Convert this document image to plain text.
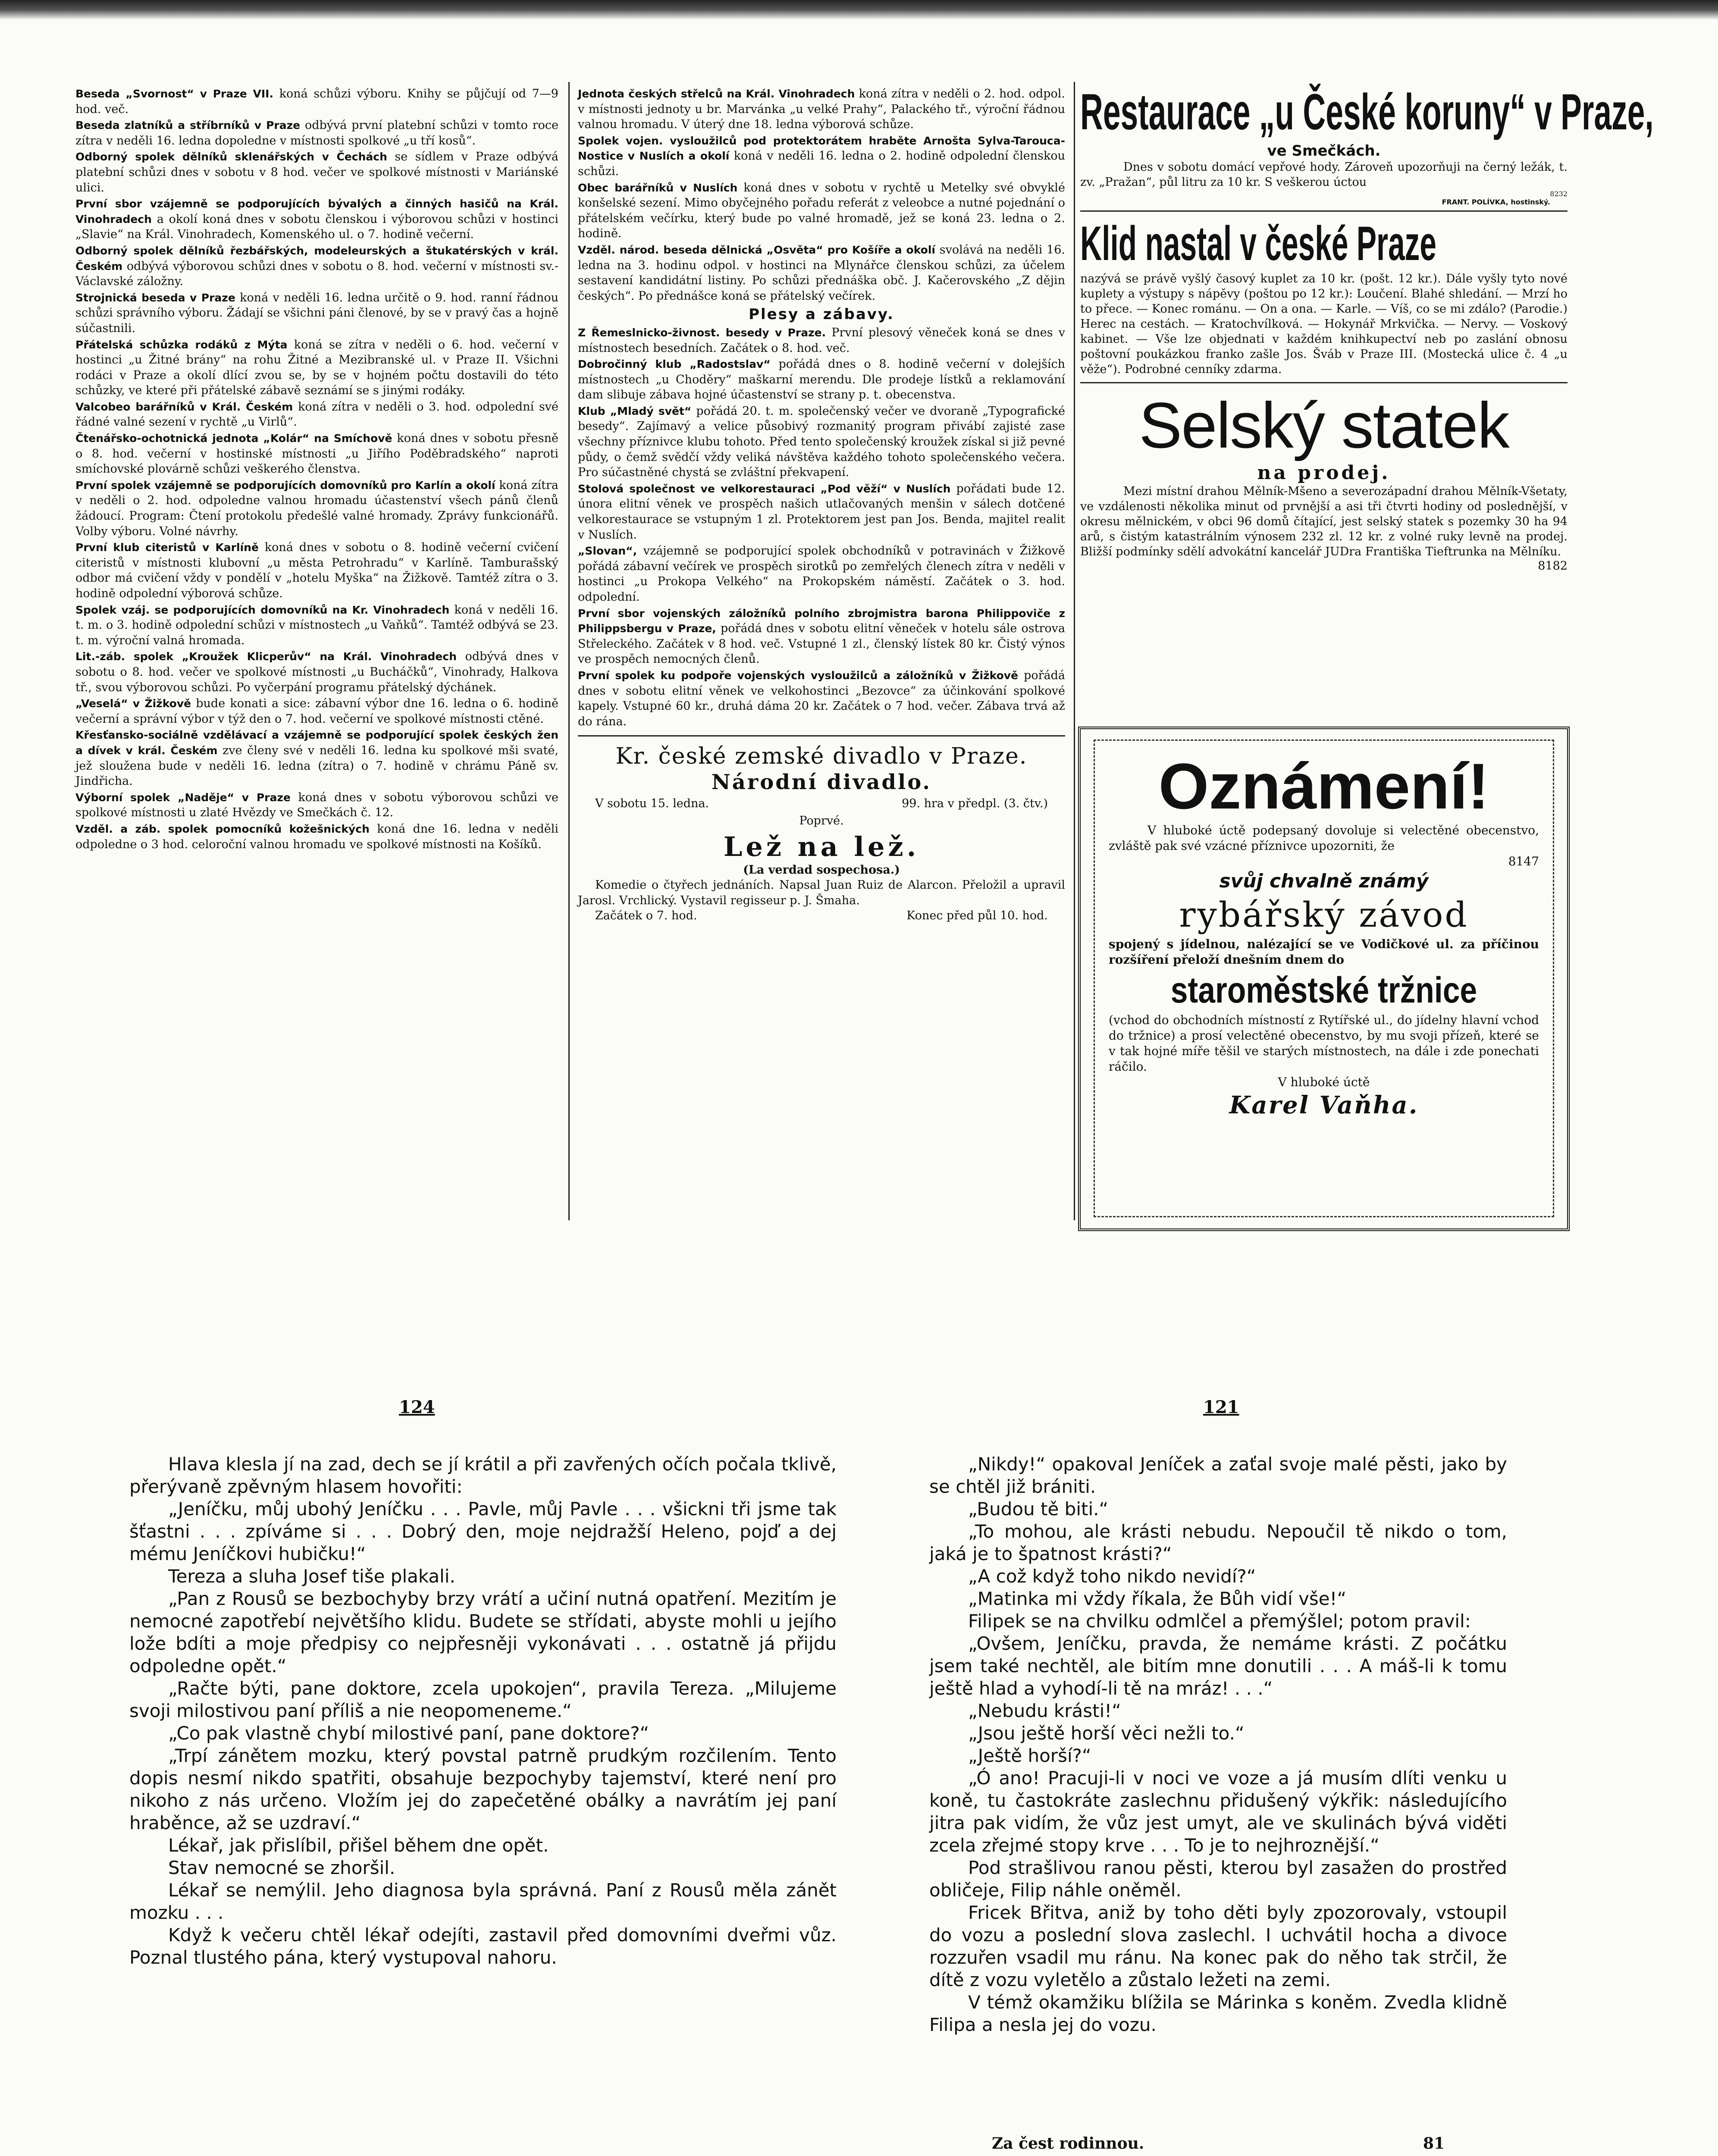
Beseda „Svornost“ v Praze VII. koná schůzi výboru. Knihy se půjčují od 7—9 hod. več.

Beseda zlatníků a stříbrníků v Praze odbývá první platební schůzi v tomto roce zítra v neděli 16. ledna dopoledne v místnosti spolkové „u tří kosů“.

Odborný spolek dělníků sklenářských v Čechách se sídlem v Praze odbývá platební schůzi dnes v sobotu v 8 hod. večer ve spolkové místnosti v Mariánské ulici.

První sbor vzájemně se podporujících bývalých a činných hasičů na Král. Vinohradech a okolí koná dnes v sobotu členskou i výborovou schůzi v hostinci „Slavie“ na Král. Vinohradech, Komenského ul. o 7. hodině večerní.

Odborný spolek dělníků řezbářských, modeleurských a štukatérských v král. Českém odbývá výborovou schůzi dnes v sobotu o 8. hod. večerní v místnosti sv.-Václavské záložny.

Strojnická beseda v Praze koná v neděli 16. ledna určitě o 9. hod. ranní řádnou schůzi správního výboru. Žádají se všichni páni členové, by se v pravý čas a hojně súčastnili.

Přátelská schůzka rodáků z Mýta koná se zítra v neděli o 6. hod. večerní v hostinci „u Žitné brány“ na rohu Žitné a Mezibranské ul. v Praze II. Všichni rodáci v Praze a okolí dlící zvou se, by se v hojném počtu dostavili do této schůzky, ve které při přátelské zábavě seznámí se s jinými rodáky.

Valcobeo barářníků v Král. Českém koná zítra v neděli o 3. hod. odpolední své řádné valné sezení v rychtě „u Virlů“.

Čtenářsko-ochotnická jednota „Kolár“ na Smíchově koná dnes v sobotu přesně o 8. hod. večerní v hostinské místnosti „u Jiřího Poděbradského“ naproti smíchovské plovárně schůzi veškerého členstva.

První spolek vzájemně se podporujících domovníků pro Karlín a okolí koná zítra v neděli o 2. hod. odpoledne valnou hromadu účastenství všech pánů členů žádoucí. Program: Čtení protokolu předešlé valné hromady. Zprávy funkcionářů. Volby výboru. Volné návrhy.

První klub citeristů v Karlíně koná dnes v sobotu o 8. hodině večerní cvičení citeristů v místnosti klubovní „u města Petrohradu“ v Karlíně. Tamburašský odbor má cvičení vždy v pondělí v „hotelu Myška“ na Žižkově. Tamtéž zítra o 3. hodině odpolední výborová schůze.

Spolek vzáj. se podporujících domovníků na Kr. Vinohradech koná v neděli 16. t. m. o 3. hodině odpolední schůzi v místnostech „u Vaňků“. Tamtéž odbývá se 23. t. m. výroční valná hromada.

Lit.-záb. spolek „Kroužek Klicperův“ na Král. Vinohradech odbývá dnes v sobotu o 8. hod. večer ve spolkové místnosti „u Bucháčků“, Vinohrady, Halkova tř., svou výborovou schůzi. Po vyčerpání programu přátelský dýchánek.

„Veselá“ v Žižkově bude konati a sice: zábavní výbor dne 16. ledna o 6. hodině večerní a správní výbor v týž den o 7. hod. večerní ve spolkové místnosti ctěné.

Křesťansko-sociálně vzdělávací a vzájemně se podporující spolek českých žen a dívek v král. Českém zve členy své v neděli 16. ledna ku spolkové mši svaté, jež sloužena bude v neděli 16. ledna (zítra) o 7. hodině v chrámu Páně sv. Jindřicha.

Výborní spolek „Naděje“ v Praze koná dnes v sobotu výborovou schůzi ve spolkové místnosti u zlaté Hvězdy ve Smečkách č. 12.

Vzděl. a záb. spolek pomocníků kožešnických koná dne 16. ledna v neděli odpoledne o 3 hod. celoroční valnou hromadu ve spolkové místnosti na Košíků.

Jednota českých střelců na Král. Vinohradech koná zítra v neděli o 2. hod. odpol. v místnosti jednoty u br. Marvánka „u velké Prahy“, Palackého tř., výroční řádnou valnou hromadu. V úterý dne 18. ledna výborová schůze.

Spolek vojen. vysloužilců pod protektorátem hraběte Arnošta Sylva-Tarouca-Nostice v Nuslích a okolí koná v neděli 16. ledna o 2. hodině odpolední členskou schůzi.

Obec barářníků v Nuslích koná dnes v sobotu v rychtě u Metelky své obvyklé konšelské sezení. Mimo obyčejného pořadu referát z veleobce a nutné pojednání o přátelském večírku, který bude po valné hromadě, jež se koná 23. ledna o 2. hodině.

Vzděl. národ. beseda dělnická „Osvěta“ pro Košíře a okolí svolává na neděli 16. ledna na 3. hodinu odpol. v hostinci na Mlynářce členskou schůzi, za účelem sestavení kandidátní listiny. Po schůzi přednáška obč. J. Kačerovského „Z dějin českých“. Po přednášce koná se přátelský večírek.

Plesy a zábavy.

Z Řemeslnicko-živnost. besedy v Praze. První plesový věneček koná se dnes v místnostech besedních. Začátek o 8. hod. več.

Dobročinný klub „Radostslav“ pořádá dnes o 8. hodině večerní v dolejších místnostech „u Choděry“ maškarní merendu. Dle prodeje lístků a reklamování dam slibuje zábava hojné účastenství se strany p. t. obecenstva.

Klub „Mladý svět“ pořádá 20. t. m. společenský večer ve dvoraně „Typografické besedy“. Zajímavý a velice působivý rozmanitý program přivábí zajisté zase všechny příznivce klubu tohoto. Před tento společenský kroužek získal si již pevné půdy, o čemž svědčí vždy veliká návštěva každého tohoto společenského večera. Pro súčastněné chystá se zvláštní překvapení.

Stolová společnost ve velkorestauraci „Pod věží“ v Nuslích pořádati bude 12. února elitní věnek ve prospěch našich utlačovaných menšin v sálech dotčené velkorestaurace se vstupným 1 zl. Protektorem jest pan Jos. Benda, majitel realit v Nuslích.

„Slovan“, vzájemně se podporující spolek obchodníků v potravinách v Žižkově pořádá zábavní večírek ve prospěch sirotků po zemřelých členech zítra v neděli v hostinci „u Prokopa Velkého“ na Prokopském náměstí. Začátek o 3. hod. odpolední.

První sbor vojenských záložníků polního zbrojmistra barona Philippoviče z Philippsbergu v Praze, pořádá dnes v sobotu elitní věneček v hotelu sále ostrova Střeleckého. Začátek v 8 hod. več. Vstupné 1 zl., členský lístek 80 kr. Čistý výnos ve prospěch nemocných členů.

První spolek ku podpoře vojenských vysloužilců a záložníků v Žižkově pořádá dnes v sobotu elitní věnek ve velkohostinci „Bezovce“ za účinkování spolkové kapely. Vstupné 60 kr., druhá dáma 20 kr. Začátek o 7 hod. večer. Zábava trvá až do rána.

Kr. české zemské divadlo v Praze.
Národní divadlo.
V sobotu 15. ledna.	99. hra v předpl. (3. čtv.)
Poprvé.
Lež na lež.
(La verdad sospechosa.)

Komedie o čtyřech jednáních. Napsal Juan Ruiz de Alarcon. Přeložil a upravil Jarosl. Vrchlický. Vystavil regisseur p. J. Šmaha.

Začátek o 7. hod.	Konec před půl 10. hod.
Restaurace „u České koruny“ v Praze,
ve Smečkách.
Dnes v sobotu domácí vepřové hody. Zároveň upozorňuji na černý ležák, t. zv. „Pražan“, půl litru za 10 kr. S veškerou úctou
8232
FRANT. POLÍVKA, hostinský.
Klid nastal v české Praze
nazývá se právě vyšlý časový kuplet za 10 kr. (pošt. 12 kr.). Dále vyšly tyto nové kuplety a výstupy s nápěvy (poštou po 12 kr.): Loučení. Blahé shledání. — Mrzí ho to přece. — Konec románu. — On a ona. — Karle. — Víš, co se mi zdálo? (Parodie.) Herec na cestách. — Kratochvílková. — Hokynář Mrkvička. — Nervy. — Voskový kabinet. — Vše lze objednati v každém knihkupectví neb po zaslání obnosu poštovní poukázkou franko zašle Jos. Šváb v Praze III. (Mostecká ulice č. 4 „u věže“). Podrobné cenníky zdarma.
Selský statek
na prodej.
Mezi místní drahou Mělník-Mšeno a severozápadní drahou Mělník-Všetaty, ve vzdálenosti několika minut od prvnější a asi tři čtvrti hodiny od poslednější, v okresu mělnickém, v obci 96 domů čítající, jest selský statek s pozemky 30 ha 94 arů, s čistým katastrálním výnosem 232 zl. 12 kr. z volné ruky levně na prodej. Bližší podmínky sdělí advokátní kancelář JUDra Františka Tieftrunka na Mělníku.
8182
Oznámení!
V hluboké úctě podepsaný dovoluje si velectěné obecenstvo, zvláště pak své vzácné příznivce upozorniti, že
8147
svůj chvalně známý
rybářský závod
spojený s jídelnou, nalézající se ve Vodičkové ul. za příčinou rozšíření přeloží dnešním dnem do
staroměstské tržnice
(vchod do obchodních místností z Rytířské ul., do jídelny hlavní vchod do tržnice) a prosí velectěné obecenstvo, by mu svoji přízeň, které se v tak hojné míře těšil ve starých místnostech, na dále i zde ponechati ráčilo.
V hluboké úctě
Karel Vaňha.
124	121

Hlava klesla jí na zad, dech se jí krátil a při zavřených očích počala tklivě, přerývaně zpěvným hlasem hovořiti:

„Jeníčku, můj ubohý Jeníčku . . . Pavle, můj Pavle . . . všickni tři jsme tak šťastni . . . zpíváme si . . . Dobrý den, moje nejdražší Heleno, pojď a dej mému Jeníčkovi hubičku!“

Tereza a sluha Josef tiše plakali.

„Pan z Rousů se bezbochyby brzy vrátí a učiní nutná opatření. Mezitím je nemocné zapotřebí největšího klidu. Budete se střídati, abyste mohli u jejího lože bdíti a moje předpisy co nejpřesněji vykonávati . . . ostatně já přijdu odpoledne opět.“

„Račte býti, pane doktore, zcela upokojen“, pravila Tereza. „Milujeme svoji milostivou paní příliš a nie neopomeneme.“

„Co pak vlastně chybí milostivé paní, pane doktore?“

„Trpí zánětem mozku, který povstal patrně prudkým rozčilením. Tento dopis nesmí nikdo spatřiti, obsahuje bezpochyby tajemství, které není pro nikoho z nás určeno. Vložím jej do zapečetěné obálky a navrátím jej paní hraběnce, až se uzdraví.“

Lékař, jak přislíbil, přišel během dne opět.

Stav nemocné se zhoršil.

Lékař se nemýlil. Jeho diagnosa byla správná. Paní z Rousů měla zánět mozku . . .

Když k večeru chtěl lékař odejíti, zastavil před domovními dveřmi vůz. Poznal tlustého pána, který vystupoval nahoru.

„Nikdy!“ opakoval Jeníček a zaťal svoje malé pěsti, jako by se chtěl již brániti.

„Budou tě biti.“

„To mohou, ale krásti nebudu. Nepoučil tě nikdo o tom, jaká je to špatnost krásti?“

„A což když toho nikdo nevidí?“

„Matinka mi vždy říkala, že Bůh vidí vše!“

Filipek se na chvilku odmlčel a přemýšlel; potom pravil:

„Ovšem, Jeníčku, pravda, že nemáme krásti. Z počátku jsem také nechtěl, ale bitím mne donutili . . . A máš-li k tomu ještě hlad a vyhodí-li tě na mráz! . . .“

„Nebudu krásti!“

„Jsou ještě horší věci nežli to.“

„Ještě horší?“

„Ó ano! Pracuji-li v noci ve voze a já musím dlíti venku u koně, tu častokráte zaslechnu přidušený výkřik: následujícího jitra pak vidím, že vůz jest umyt, ale ve skulinách bývá viděti zcela zřejmé stopy krve . . . To je to nejhroznější.“

Pod strašlivou ranou pěsti, kterou byl zasažen do prostřed obličeje, Filip náhle oněměl.

Fricek Břitva, aniž by toho děti byly zpozorovaly, vstoupil do vozu a poslední slova zaslechl. I uchvátil hocha a divoce rozzuřen vsadil mu ránu. Na konec pak do něho tak strčil, že dítě z vozu vyletělo a zůstalo ležeti na zemi.

V témž okamžiku blížila se Márinka s koněm. Zvedla klidně Filipa a nesla jej do vozu.

Za čest rodinnou.	81
